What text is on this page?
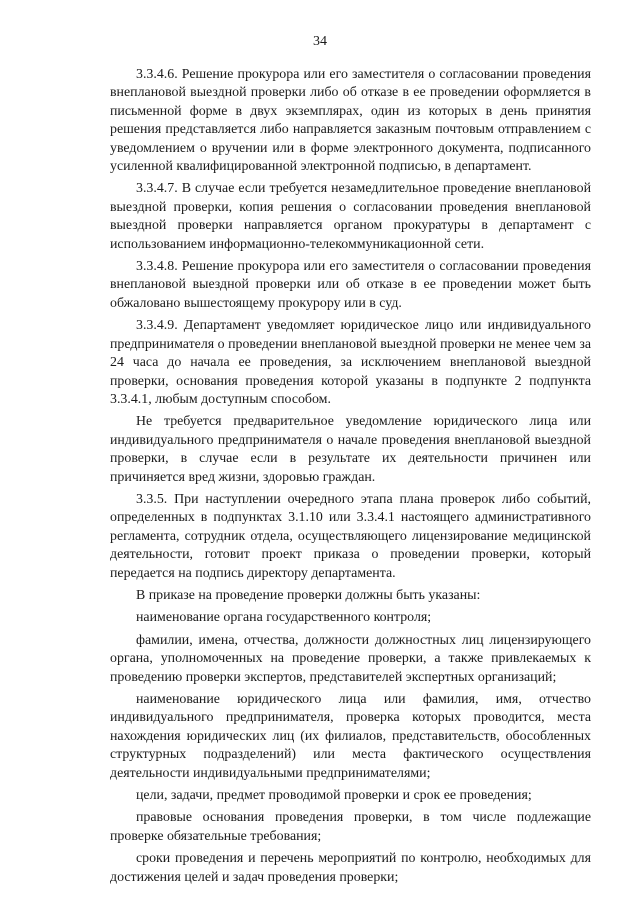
34

3.3.4.6. Решение прокурора или его заместителя о согласовании проведения внеплановой выездной проверки либо об отказе в ее проведении оформляется в письменной форме в двух экземплярах, один из которых в день принятия решения представляется либо направляется заказным почтовым отправлением с уведомлением о вручении или в форме электронного документа, подписанного усиленной квалифицированной электронной подписью, в департамент.

3.3.4.7. В случае если требуется незамедлительное проведение внеплановой выездной проверки, копия решения о согласовании проведения внеплановой выездной проверки направляется органом прокуратуры в департамент с использованием информационно-телекоммуникационной сети.

3.3.4.8. Решение прокурора или его заместителя о согласовании проведения внеплановой выездной проверки или об отказе в ее проведении может быть обжаловано вышестоящему прокурору или в суд.

3.3.4.9. Департамент уведомляет юридическое лицо или индивидуального предпринимателя о проведении внеплановой выездной проверки не менее чем за 24 часа до начала ее проведения, за исключением внеплановой выездной проверки, основания проведения которой указаны в подпункте 2 подпункта 3.3.4.1, любым доступным способом.

Не требуется предварительное уведомление юридического лица или индивидуального предпринимателя о начале проведения внеплановой выездной проверки, в случае если в результате их деятельности причинен или причиняется вред жизни, здоровью граждан.

3.3.5. При наступлении очередного этапа плана проверок либо событий, определенных в подпунктах 3.1.10 или 3.3.4.1 настоящего административного регламента, сотрудник отдела, осуществляющего лицензирование медицинской деятельности, готовит проект приказа о проведении проверки, который передается на подпись директору департамента.

В приказе на проведение проверки должны быть указаны:

наименование органа государственного контроля;

фамилии, имена, отчества, должности должностных лиц лицензирующего органа, уполномоченных на проведение проверки, а также привлекаемых к проведению проверки экспертов, представителей экспертных организаций;

наименование юридического лица или фамилия, имя, отчество индивидуального предпринимателя, проверка которых проводится, места нахождения юридических лиц (их филиалов, представительств, обособленных структурных подразделений) или места фактического осуществления деятельности индивидуальными предпринимателями;

цели, задачи, предмет проводимой проверки и срок ее проведения;

правовые основания проведения проверки, в том числе подлежащие проверке обязательные требования;

сроки проведения и перечень мероприятий по контролю, необходимых для достижения целей и задач проведения проверки;
